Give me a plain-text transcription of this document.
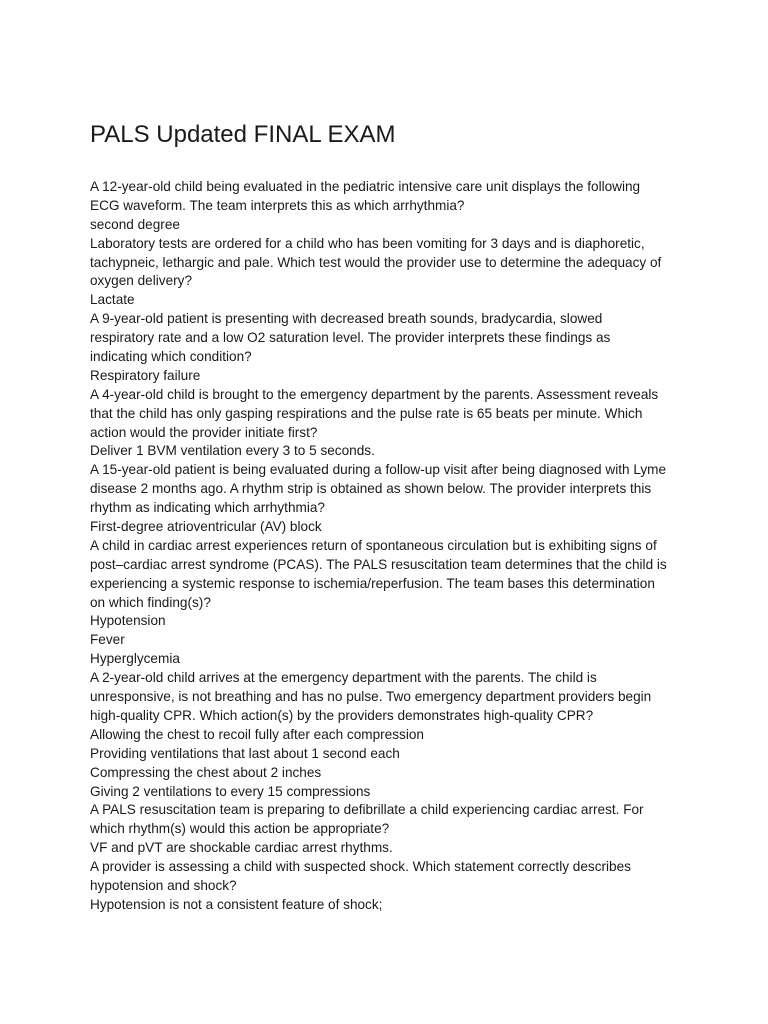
PALS Updated FINAL EXAM
A 12-year-old child being evaluated in the pediatric intensive care unit displays the following
ECG waveform. The team interprets this as which arrhythmia?
second degree
Laboratory tests are ordered for a child who has been vomiting for 3 days and is diaphoretic,
tachypneic, lethargic and pale. Which test would the provider use to determine the adequacy of
oxygen delivery?
Lactate
A 9-year-old patient is presenting with decreased breath sounds, bradycardia, slowed
respiratory rate and a low O2 saturation level. The provider interprets these findings as
indicating which condition?
Respiratory failure
A 4-year-old child is brought to the emergency department by the parents. Assessment reveals
that the child has only gasping respirations and the pulse rate is 65 beats per minute. Which
action would the provider initiate first?
Deliver 1 BVM ventilation every 3 to 5 seconds.
A 15-year-old patient is being evaluated during a follow-up visit after being diagnosed with Lyme
disease 2 months ago. A rhythm strip is obtained as shown below. The provider interprets this
rhythm as indicating which arrhythmia?
First-degree atrioventricular (AV) block
A child in cardiac arrest experiences return of spontaneous circulation but is exhibiting signs of
post–cardiac arrest syndrome (PCAS). The PALS resuscitation team determines that the child is
experiencing a systemic response to ischemia/reperfusion. The team bases this determination
on which finding(s)?
Hypotension
Fever
Hyperglycemia
A 2-year-old child arrives at the emergency department with the parents. The child is
unresponsive, is not breathing and has no pulse. Two emergency department providers begin
high-quality CPR. Which action(s) by the providers demonstrates high-quality CPR?
Allowing the chest to recoil fully after each compression
Providing ventilations that last about 1 second each
Compressing the chest about 2 inches
Giving 2 ventilations to every 15 compressions
A PALS resuscitation team is preparing to defibrillate a child experiencing cardiac arrest. For
which rhythm(s) would this action be appropriate?
VF and pVT are shockable cardiac arrest rhythms.
A provider is assessing a child with suspected shock. Which statement correctly describes
hypotension and shock?
Hypotension is not a consistent feature of shock;
